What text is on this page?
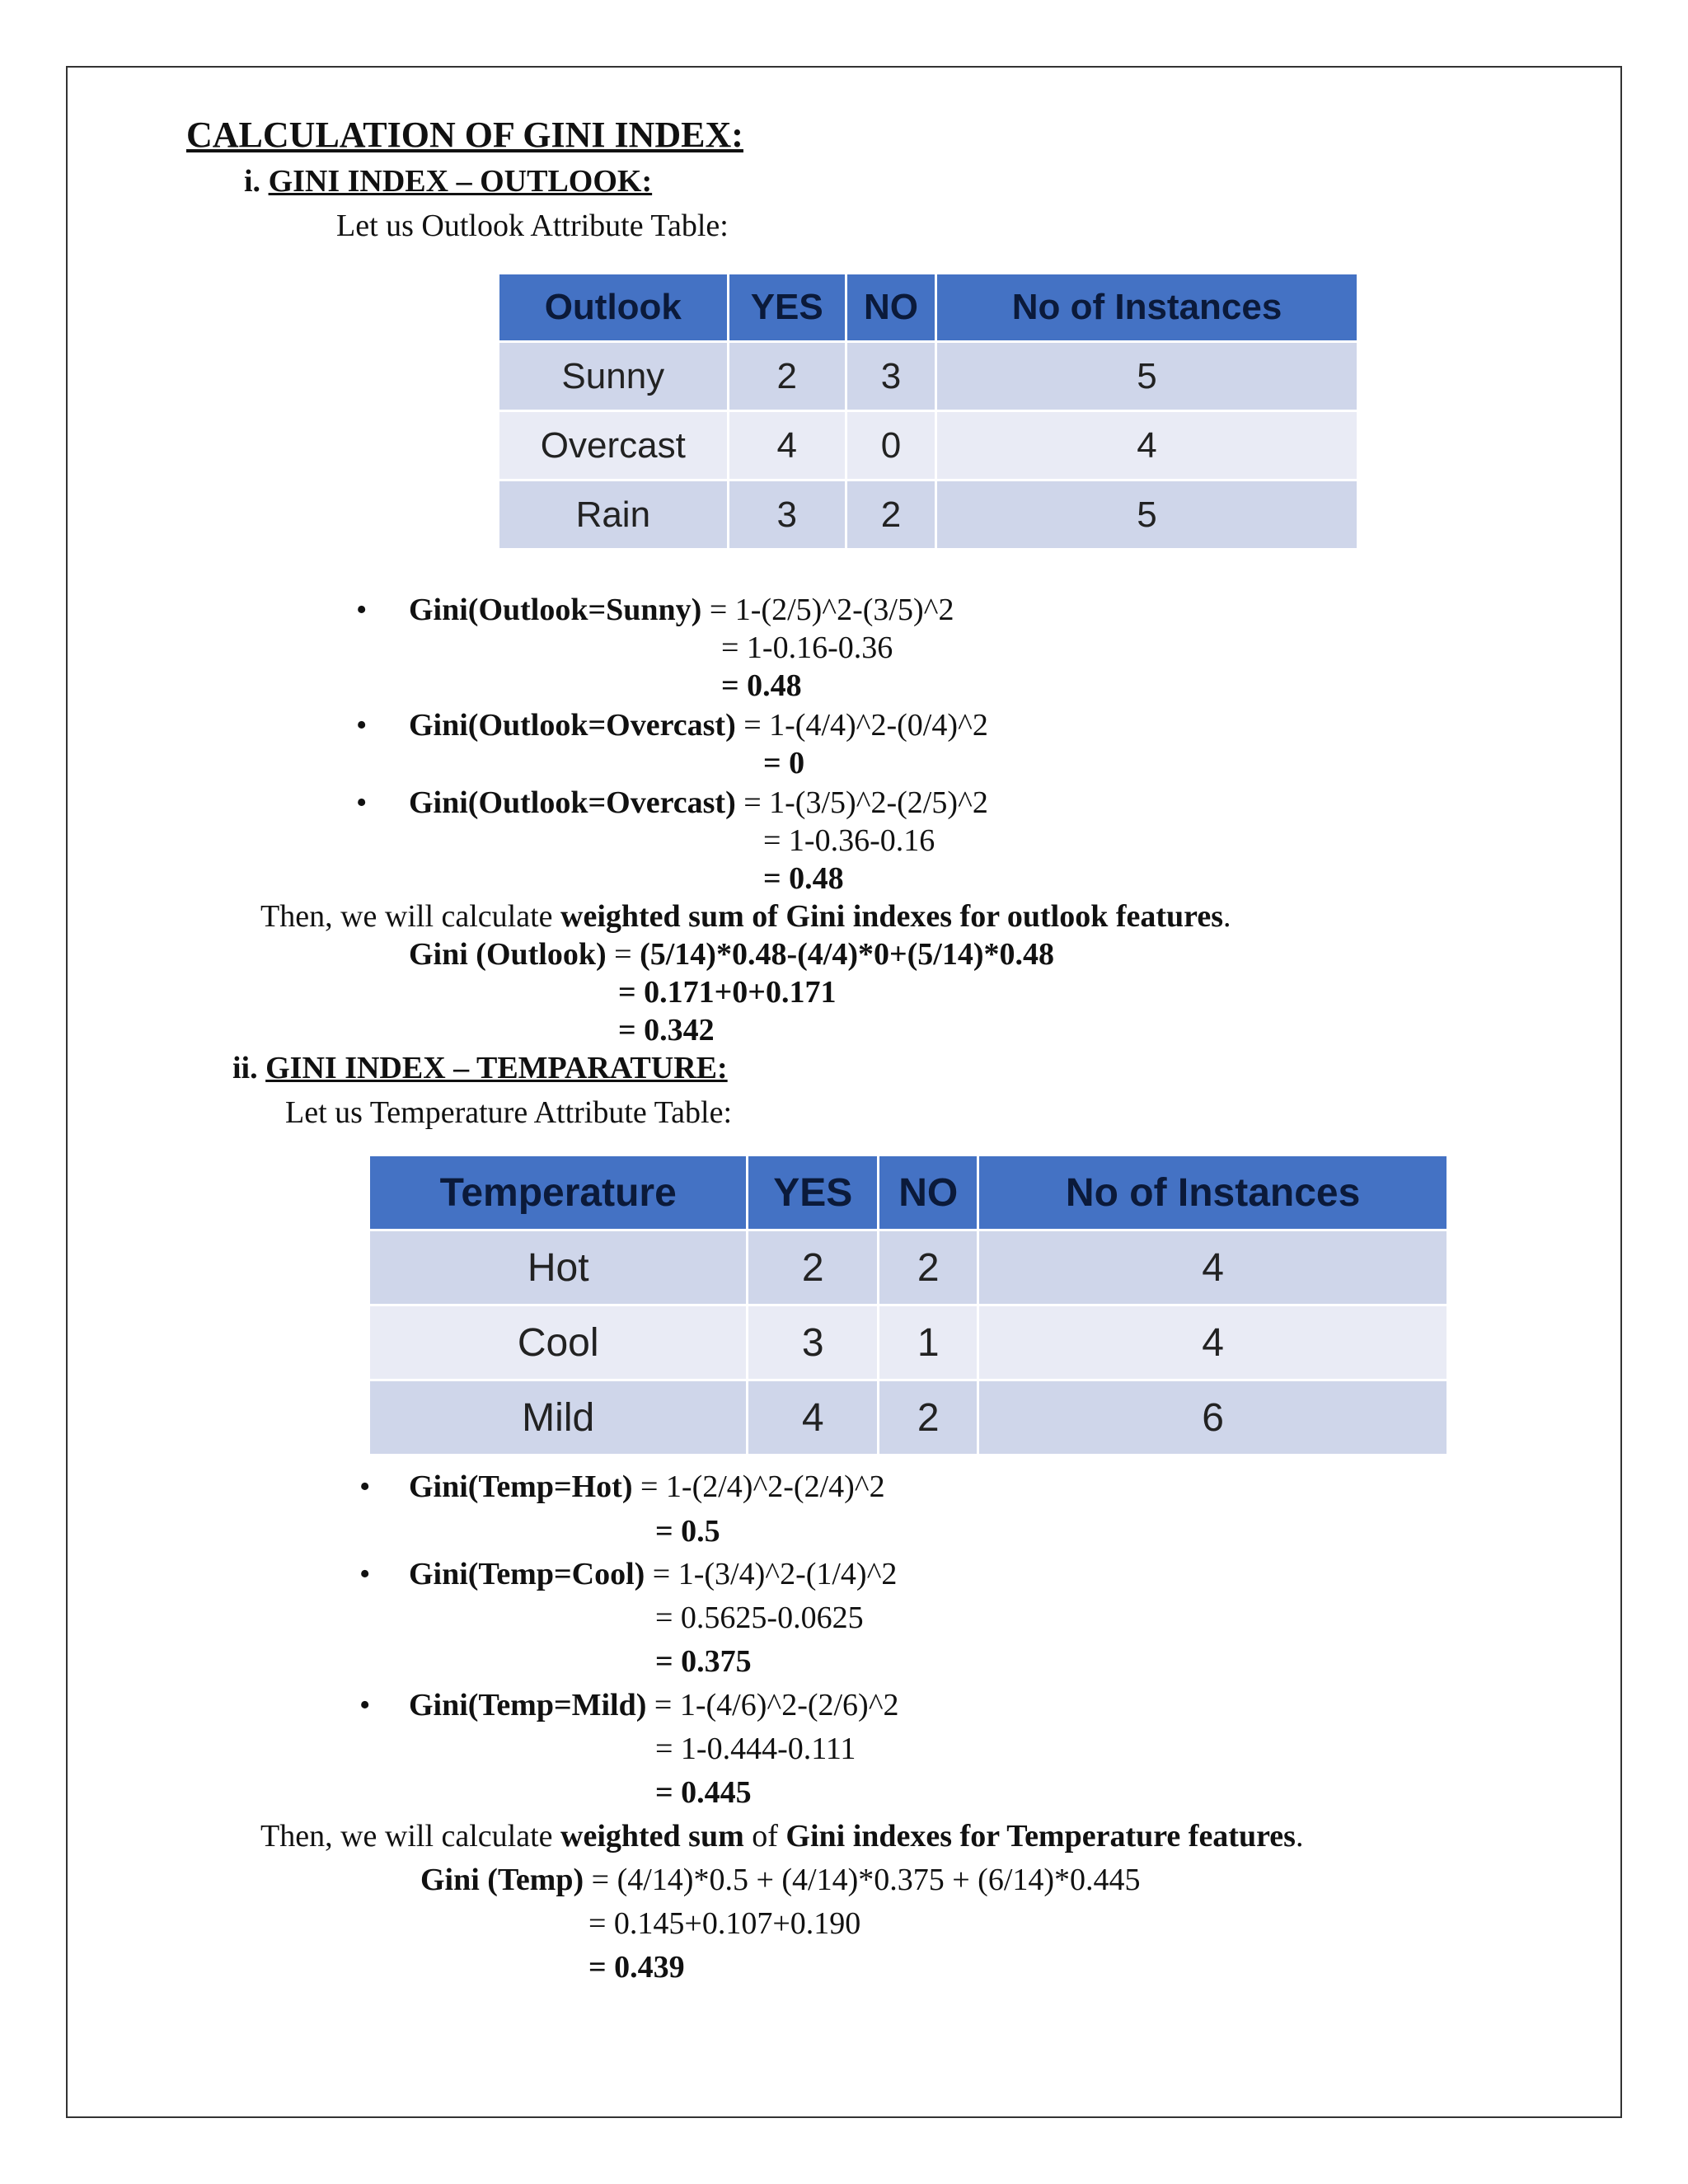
CALCULATION OF GINI INDEX:
i. GINI INDEX – OUTLOOK:
Let us Outlook Attribute Table:
Outlook	YES	NO	No of Instances
Sunny	2	3	5
Overcast	4	0	4
Rain	3	2	5
• Gini(Outlook=Sunny) = 1-(2/5)^2-(3/5)^2
= 1-0.16-0.36
= 0.48
• Gini(Outlook=Overcast) = 1-(4/4)^2-(0/4)^2
= 0
• Gini(Outlook=Overcast) = 1-(3/5)^2-(2/5)^2
= 1-0.36-0.16
= 0.48
Then, we will calculate weighted sum of Gini indexes for outlook features.
Gini (Outlook) = (5/14)*0.48-(4/4)*0+(5/14)*0.48
= 0.171+0+0.171
= 0.342
ii. GINI INDEX – TEMPARATURE:
Let us Temperature Attribute Table:
Temperature	YES	NO	No of Instances
Hot	2	2	4
Cool	3	1	4
Mild	4	2	6
• Gini(Temp=Hot) = 1-(2/4)^2-(2/4)^2
= 0.5
• Gini(Temp=Cool) = 1-(3/4)^2-(1/4)^2
= 0.5625-0.0625
= 0.375
• Gini(Temp=Mild) = 1-(4/6)^2-(2/6)^2
= 1-0.444-0.111
= 0.445
Then, we will calculate weighted sum of Gini indexes for Temperature features.
Gini (Temp) = (4/14)*0.5 + (4/14)*0.375 + (6/14)*0.445
= 0.145+0.107+0.190
= 0.439
